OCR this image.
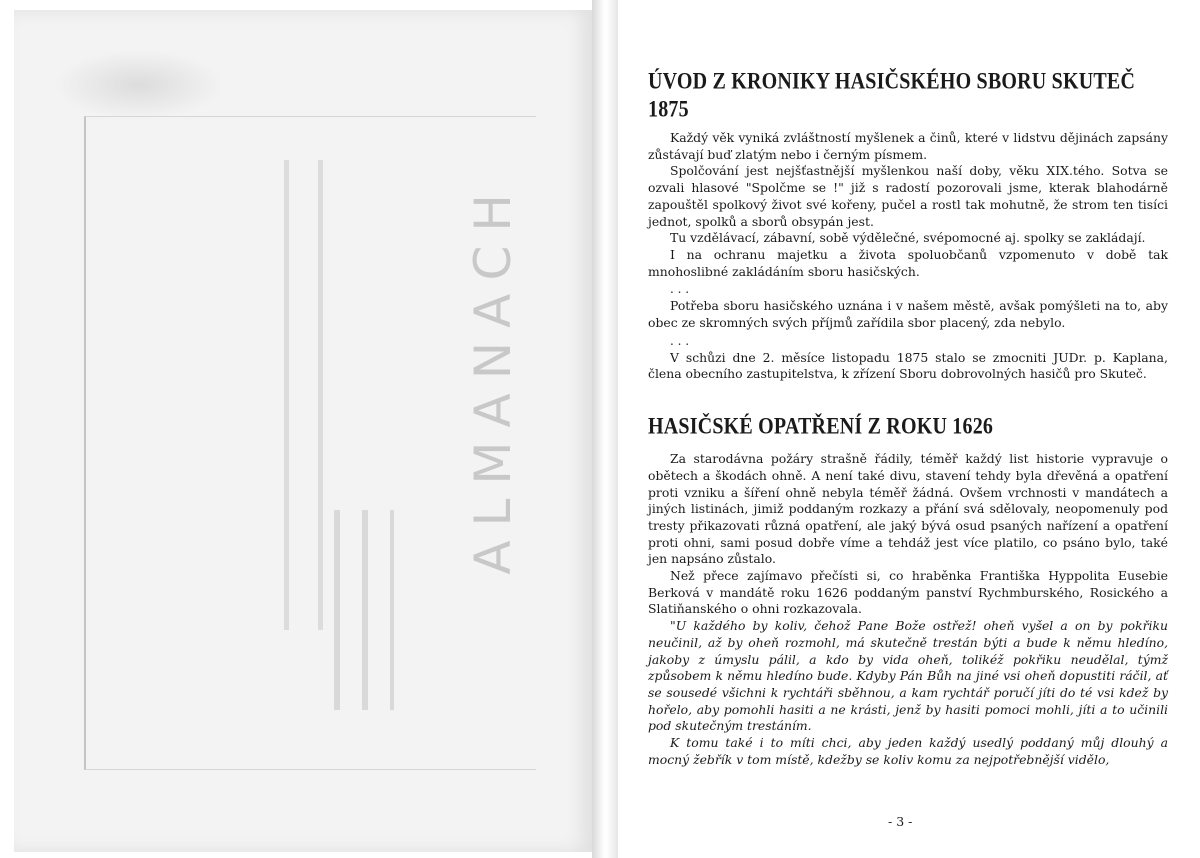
ALMANACH
ÚVOD Z KRONIKY HASIČSKÉHO SBORU SKUTEČ 1875

Každý věk vyniká zvláštností myšlenek a činů, které v lidstvu dějinách zapsány zůstávají buď zlatým nebo i černým písmem.

Spolčování jest nejšťastnější myšlenkou naší doby, věku XIX.tého. Sotva se ozvali hlasové "Spolčme se !" již s radostí pozorovali jsme, kterak blahodárně zapouštěl spolkový život své kořeny, pučel a rostl tak mohutně, že strom ten tisíci jednot, spolků a sborů obsypán jest.

Tu vzdělávací, zábavní, sobě výdělečné, svépomocné aj. spolky se zakládají.

I na ochranu majetku a života spoluobčanů vzpomenuto v době tak mnohoslibné zakládáním sboru hasičských.

. . .

Potřeba sboru hasičského uznána i v našem městě, avšak pomýšleti na to, aby obec ze skromných svých příjmů zařídila sbor placený, zda nebylo.

. . .

V schůzi dne 2. měsíce listopadu 1875 stalo se zmocniti JUDr. p. Kaplana, člena obecního zastupitelstva, k zřízení Sboru dobrovolných hasičů pro Skuteč.

HASIČSKÉ OPATŘENÍ Z ROKU 1626

Za starodávna požáry strašně řádily, téměř každý list historie vypravuje o obětech a škodách ohně. A není také divu, stavení tehdy byla dřevěná a opatření proti vzniku a šíření ohně nebyla téměř žádná. Ovšem vrchnosti v mandátech a jiných listinách, jimiž poddaným rozkazy a přání svá sdělovaly, neopomenuly pod tresty přikazovati různá opatření, ale jaký bývá osud psaných nařízení a opatření proti ohni, sami posud dobře víme a tehdáž jest více platilo, co psáno bylo, také jen napsáno zůstalo.

Než přece zajímavo přečísti si, co hraběnka Františka Hyppolita Eusebie Berková v mandátě roku 1626 poddaným panství Rychmburského, Rosického a Slatiňanského o ohni rozkazovala.

"U každého by koliv, čehož Pane Bože ostřež! oheň vyšel a on by pokřiku neučinil, až by oheň rozmohl, má skutečně trestán býti a bude k němu hledíno, jakoby z úmyslu pálil, a kdo by vida oheň, tolikéž pokřiku neudělal, týmž způsobem k němu hledíno bude. Kdyby Pán Bůh na jiné vsi oheň dopustiti ráčil, ať se sousedé všichni k rychtáři sběhnou, a kam rychtář poručí jíti do té vsi kdež by hořelo, aby pomohli hasiti a ne krásti, jenž by hasiti pomoci mohli, jíti a to učinili pod skutečným trestáním.

K tomu také i to míti chci, aby jeden každý usedlý poddaný můj dlouhý a mocný žebřík v tom místě, kdežby se koliv komu za nejpotřebnější vidělo,

- 3 -
